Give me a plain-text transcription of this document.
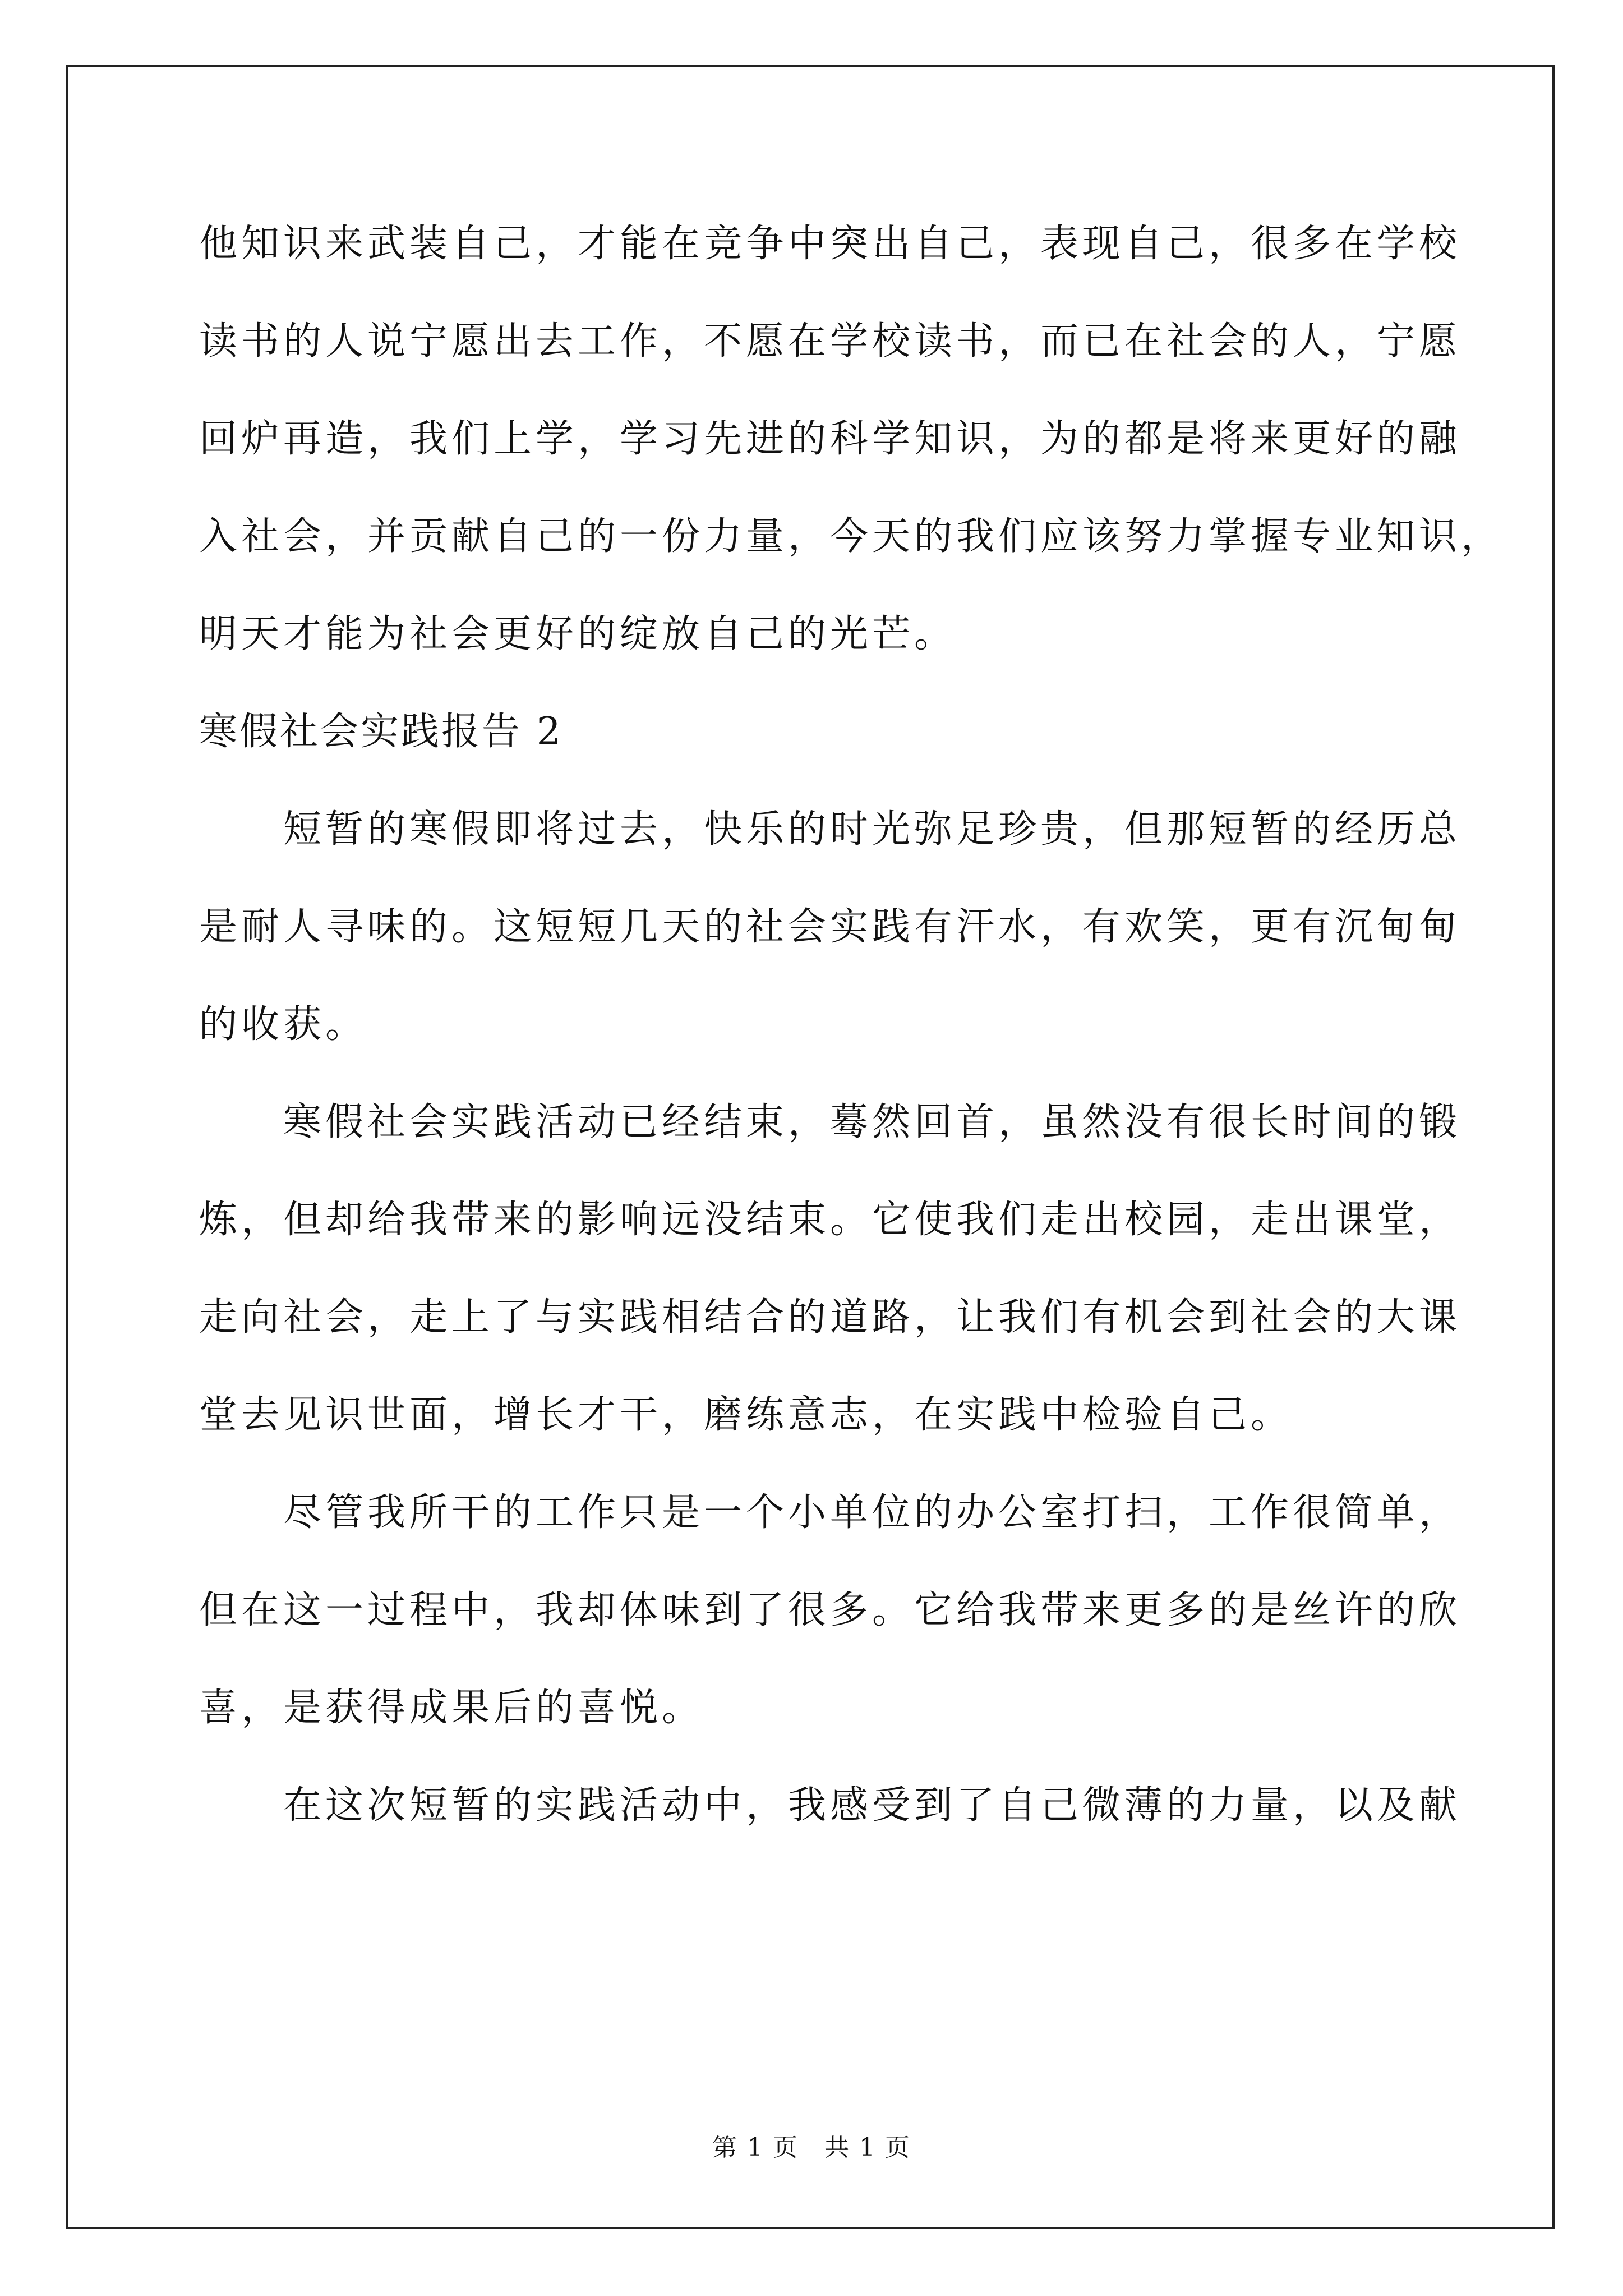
他知识来武装自己，才能在竞争中突出自己，表现自己，很多在学校
读书的人说宁愿出去工作，不愿在学校读书，而已在社会的人，宁愿
回炉再造，我们上学，学习先进的科学知识，为的都是将来更好的融
入社会，并贡献自己的一份力量，今天的我们应该努力掌握专业知识，
明天才能为社会更好的绽放自己的光芒。
寒假社会实践报告 2
短暂的寒假即将过去，快乐的时光弥足珍贵，但那短暂的经历总
是耐人寻味的。这短短几天的社会实践有汗水，有欢笑，更有沉甸甸
的收获。
寒假社会实践活动已经结束，蓦然回首，虽然没有很长时间的锻
炼，但却给我带来的影响远没结束。它使我们走出校园，走出课堂，
走向社会，走上了与实践相结合的道路，让我们有机会到社会的大课
堂去见识世面，增长才干，磨练意志，在实践中检验自己。
尽管我所干的工作只是一个小单位的办公室打扫，工作很简单，
但在这一过程中，我却体味到了很多。它给我带来更多的是丝许的欣
喜，是获得成果后的喜悦。
在这次短暂的实践活动中，我感受到了自己微薄的力量，以及献
第 1 页　共 1 页
